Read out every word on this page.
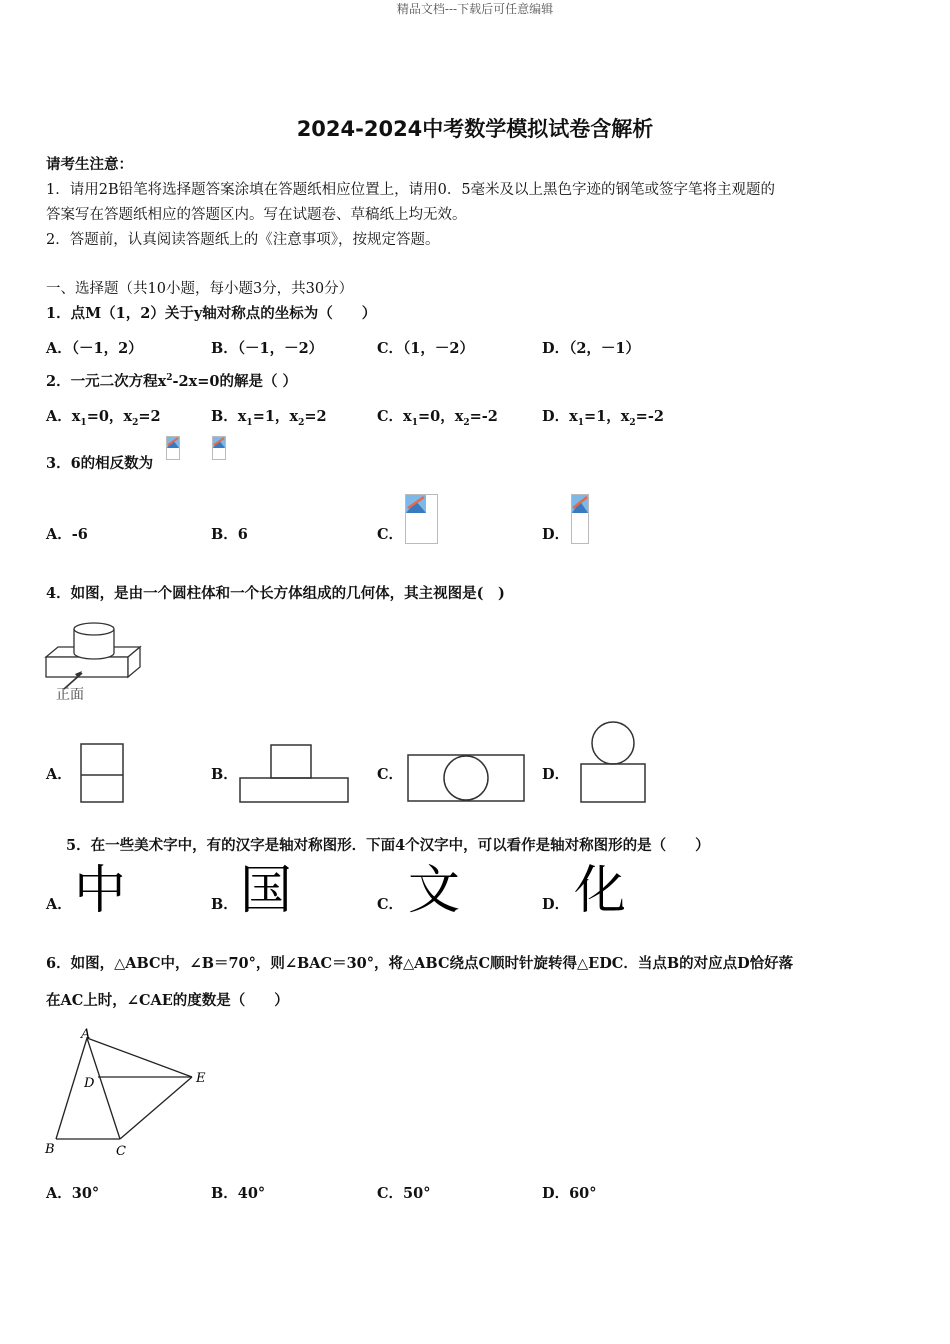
精品文档---下载后可任意编辑
2024-2024中考数学模拟试卷含解析
请考生注意：
1．请用2B铅笔将选择题答案涂填在答题纸相应位置上，请用0．5毫米及以上黑色字迹的钢笔或签字笔将主观题的
答案写在答题纸相应的答题区内。写在试题卷、草稿纸上均无效。
2．答题前，认真阅读答题纸上的《注意事项》，按规定答题。
一、选择题（共10小题，每小题3分，共30分）
1．点M（1，2）关于y轴对称点的坐标为（　　）
A．（－1，2）	B．（－1，－2）	C．（1，－2）	D．（2，－1）
2．一元二次方程$x^2-2x=0$的解是（ ）
A．$x_1=0$，$x_2=2$	B．$x_1=1$，$x_2=2$	C．$x_1=0$，$x_2=-2$	D．$x_1=1$，$x_2=-2$
3．6的相反数为
A．-6	B．6	C．	D．
4．如图，是由一个圆柱体和一个长方体组成的几何体，其主视图是(　)
正面
A．	B．	C．	D．
5．在一些美术字中，有的汉字是轴对称图形．下面4个汉字中，可以看作是轴对称图形的是（　　）
A． 中	B． 国	C． 文	D． 化
6．如图，△ABC中，∠B＝70°，则∠BAC＝30°，将△ABC绕点C顺时针旋转得△EDC．当点B的对应点D恰好落
在AC上时，∠CAE的度数是（　　）
A
D	E
B	C
A．30°	B．40°	C．50°	D．60°
